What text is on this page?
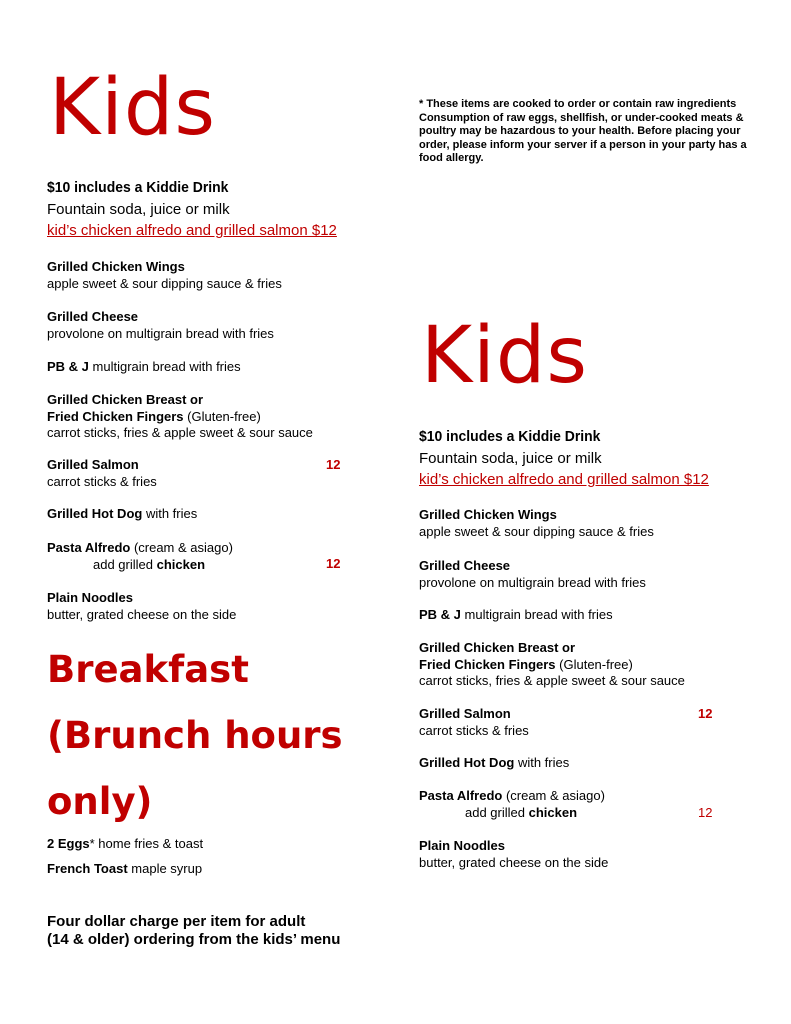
Kids
$10 includes a Kiddie Drink
Fountain soda, juice or milk
kid’s chicken alfredo and grilled salmon $12
Grilled Chicken Wings
apple sweet & sour dipping sauce & fries
Grilled Cheese
provolone on multigrain bread with fries
PB & J multigrain bread with fries
Grilled Chicken Breast or
Fried Chicken Fingers (Gluten-free)
carrot sticks, fries & apple sweet & sour sauce
Grilled Salmon
carrot sticks & fries
12
Grilled Hot Dog with fries
Pasta Alfredo (cream & asiago)
add grilled chicken	12
Plain Noodles
butter, grated cheese on the side
Breakfast
(Brunch hours
only)
2 Eggs* home fries & toast
French Toast maple syrup
Four dollar charge per item for adult
(14 & older) ordering from the kids’ menu
* These items are cooked to order or contain raw ingredients Consumption of raw eggs, shellfish, or under-cooked meats & poultry may be hazardous to your health. Before placing your order, please inform your server if a person in your party has a food allergy.
Kids
$10 includes a Kiddie Drink
Fountain soda, juice or milk
kid’s chicken alfredo and grilled salmon $12
Grilled Chicken Wings
apple sweet & sour dipping sauce & fries
Grilled Cheese
provolone on multigrain bread with fries
PB & J multigrain bread with fries
Grilled Chicken Breast or
Fried Chicken Fingers (Gluten-free)
carrot sticks, fries & apple sweet & sour sauce
Grilled Salmon
carrot sticks & fries
12
Grilled Hot Dog with fries
Pasta Alfredo (cream & asiago)
add grilled chicken	12
Plain Noodles
butter, grated cheese on the side
